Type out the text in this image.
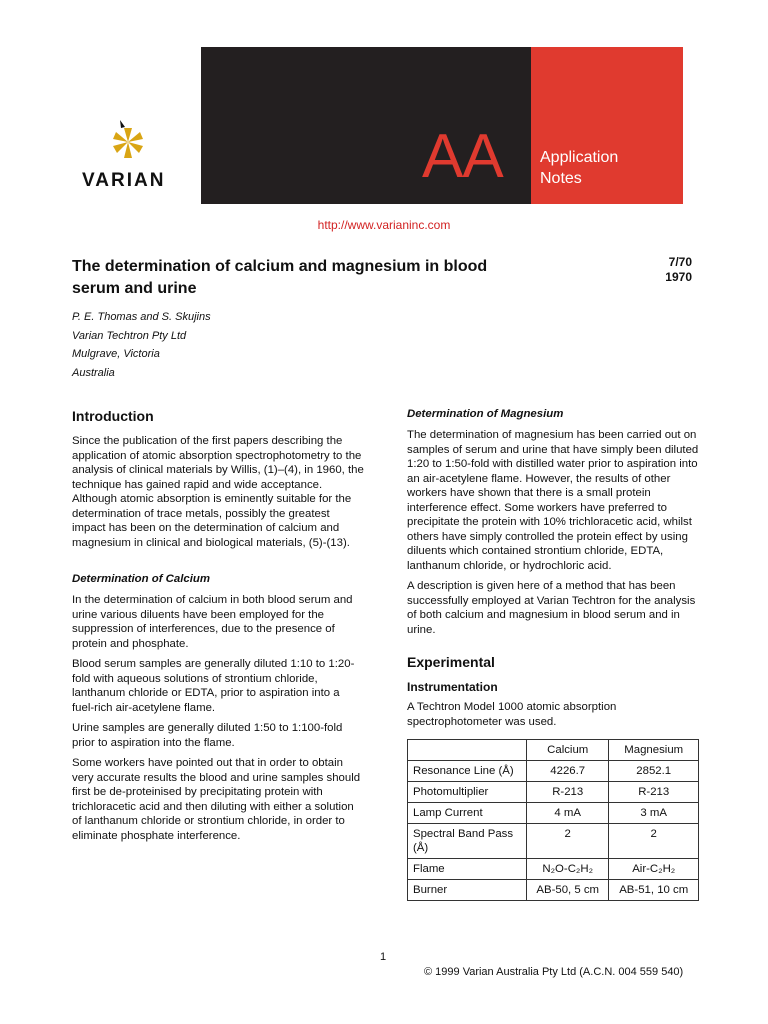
AA Application
Notes
VARIAN
http://www.varianinc.com
The determination of calcium and magnesium in blood serum and urine
7/70
1970
P. E. Thomas and S. Skujins
Varian Techtron Pty Ltd
Mulgrave, Victoria
Australia
Introduction

Since the publication of the first papers describing the application of atomic absorption spectrophotometry to the analysis of clinical materials by Willis, (1)–(4), in 1960, the technique has gained rapid and wide acceptance. Although atomic absorption is eminently suitable for the determination of trace metals, possibly the greatest impact has been on the determination of calcium and magnesium in clinical and biological materials, (5)-(13).

Determination of Calcium

In the determination of calcium in both blood serum and urine various diluents have been employed for the suppression of interferences, due to the presence of protein and phosphate.

Blood serum samples are generally diluted 1:10 to 1:20-fold with aqueous solutions of strontium chloride, lanthanum chloride or EDTA, prior to aspiration into a fuel-rich air-acetylene flame.

Urine samples are generally diluted 1:50 to 1:100-fold prior to aspiration into the flame.

Some workers have pointed out that in order to obtain very accurate results the blood and urine samples should first be de-proteinised by precipitating protein with trichloracetic acid and then diluting with either a solution of lanthanum chloride or strontium chloride, in order to eliminate phosphate interference.

Determination of Magnesium

The determination of magnesium has been carried out on samples of serum and urine that have simply been diluted 1:20 to 1:50-fold with distilled water prior to aspiration into an air-acetylene flame. However, the results of other workers have shown that there is a small protein interference effect. Some workers have preferred to precipitate the protein with 10% trichloracetic acid, whilst others have simply controlled the protein effect by using diluents which contained strontium chloride, EDTA, lanthanum chloride, or hydrochloric acid.

A description is given here of a method that has been successfully employed at Varian Techtron for the analysis of both calcium and magnesium in blood serum and in urine.

Experimental
Instrumentation

A Techtron Model 1000 atomic absorption spectrophotometer was used.

	Calcium	Magnesium
Resonance Line (Å)	4226.7	2852.1
Photomultiplier	R-213	R-213
Lamp Current	4 mA	3 mA
Spectral Band Pass (Å)	2	2
Flame	N₂O-C₂H₂	Air-C₂H₂
Burner	AB-50, 5 cm	AB-51, 10 cm
1
© 1999 Varian Australia Pty Ltd (A.C.N. 004 559 540)
